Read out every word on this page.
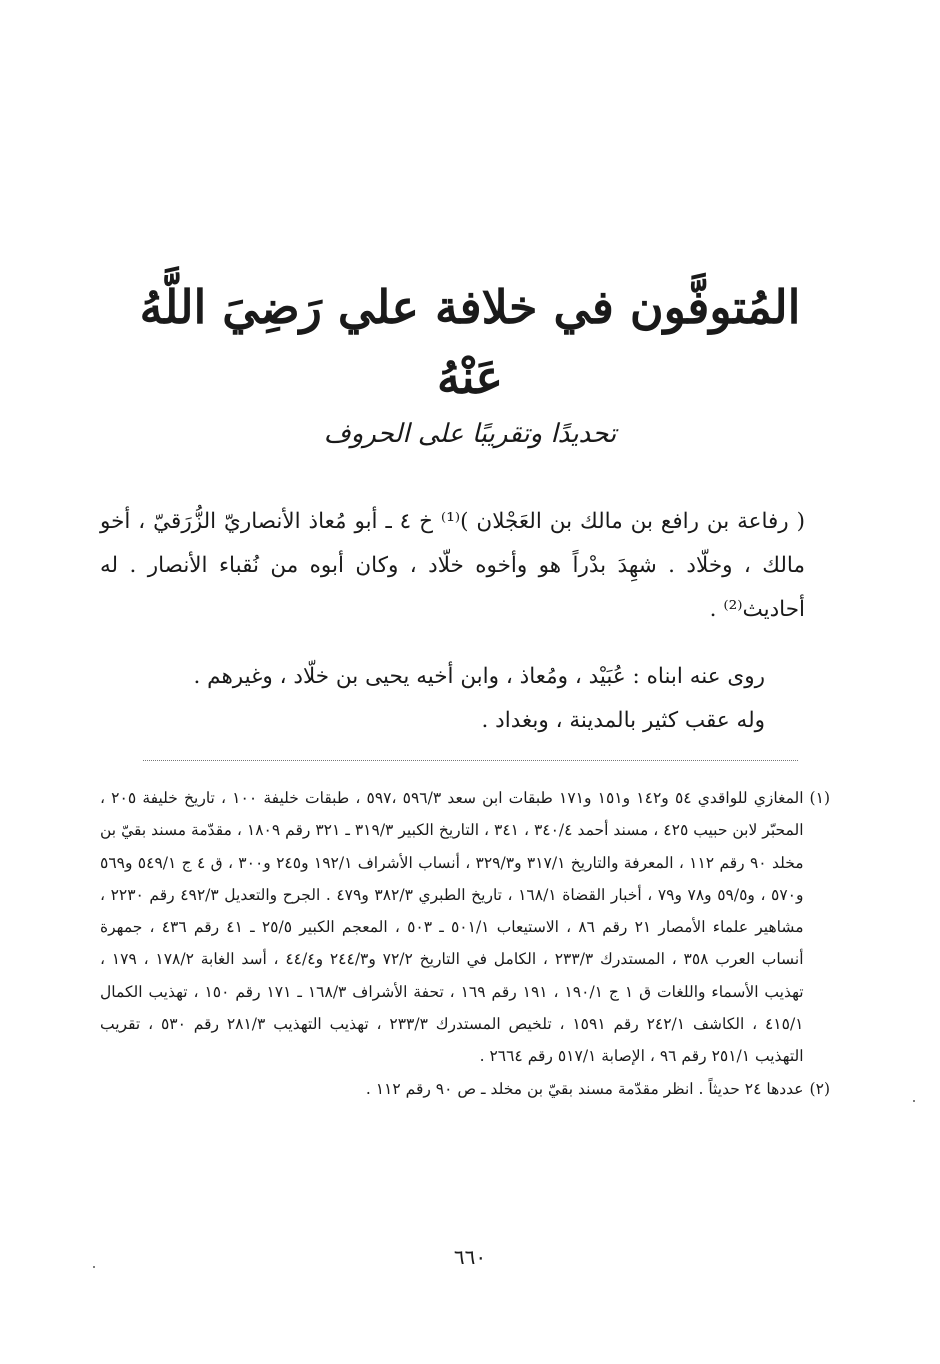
المُتوفَّون في خلافة علي رَضِيَ اللَّهُ عَنْهُ
تحديدًا وتقريبًا على الحروف

( رفاعة بن رافع بن مالك بن العَجْلان )⁽¹⁾ خ ٤ ـ أبو مُعاذ الأنصاريّ الزُّرَقيّ ، أخو مالك ، وخلّاد . شهِدَ بدْراً هو وأخوه خلّاد ، وكان أبوه من نُقباء الأنصار . له أحاديث⁽²⁾ .

روى عنه ابناه : عُبَيْد ، ومُعاذ ، وابن أخيه يحيى بن خلّاد ، وغيرهم .

وله عقب كثير بالمدينة ، وبغداد .

(١)
المغازي للواقدي ٥٤ و١٤٢ و١٥١ و١٧١ طبقات ابن سعد ٥٩٦/٣ ،٥٩٧ ، طبقات خليفة ١٠٠ ، تاريخ خليفة ٢٠٥ ، المحبّر لابن حبيب ٤٢٥ ، مسند أحمد ٣٤٠/٤ ، ٣٤١ ، التاريخ الكبير ٣١٩/٣ ـ ٣٢١ رقم ١٨٠٩ ، مقدّمة مسند بقيّ بن مخلد ٩٠ رقم ١١٢ ، المعرفة والتاريخ ٣١٧/١ و٣٢٩/٣ ، أنساب الأشراف ١٩٢/١ و٢٤٥ و٣٠٠ ، ق ٤ ج ٥٤٩/١ و٥٦٩ و٥٧٠ ، و٥٩/٥ و٧٨ و٧٩ ، أخبار القضاة ١٦٨/١ ، تاريخ الطبري ٣٨٢/٣ و٤٧٩ . الجرح والتعديل ٤٩٢/٣ رقم ٢٢٣٠ ، مشاهير علماء الأمصار ٢١ رقم ٨٦ ، الاستيعاب ٥٠١/١ ـ ٥٠٣ ، المعجم الكبير ٢٥/٥ ـ ٤١ رقم ٤٣٦ ، جمهرة أنساب العرب ٣٥٨ ، المستدرك ٢٣٣/٣ ، الكامل في التاريخ ٧٢/٢ و٢٤٤/٣ و٤٤/٤ ، أسد الغابة ١٧٨/٢ ، ١٧٩ ، تهذيب الأسماء واللغات ق ١ ج ١٩٠/١ ، ١٩١ رقم ١٦٩ ، تحفة الأشراف ١٦٨/٣ ـ ١٧١ رقم ١٥٠ ، تهذيب الكمال ٤١٥/١ ، الكاشف ٢٤٢/١ رقم ١٥٩١ ، تلخيص المستدرك ٢٣٣/٣ ، تهذيب التهذيب ٢٨١/٣ رقم ٥٣٠ ، تقريب التهذيب ٢٥١/١ رقم ٩٦ ، الإصابة ٥١٧/١ رقم ٢٦٦٤ .

(٢)
عددها ٢٤ حديثاً . انظر مقدّمة مسند بقيّ بن مخلد ـ ص ٩٠ رقم ١١٢ .

٦٦٠
